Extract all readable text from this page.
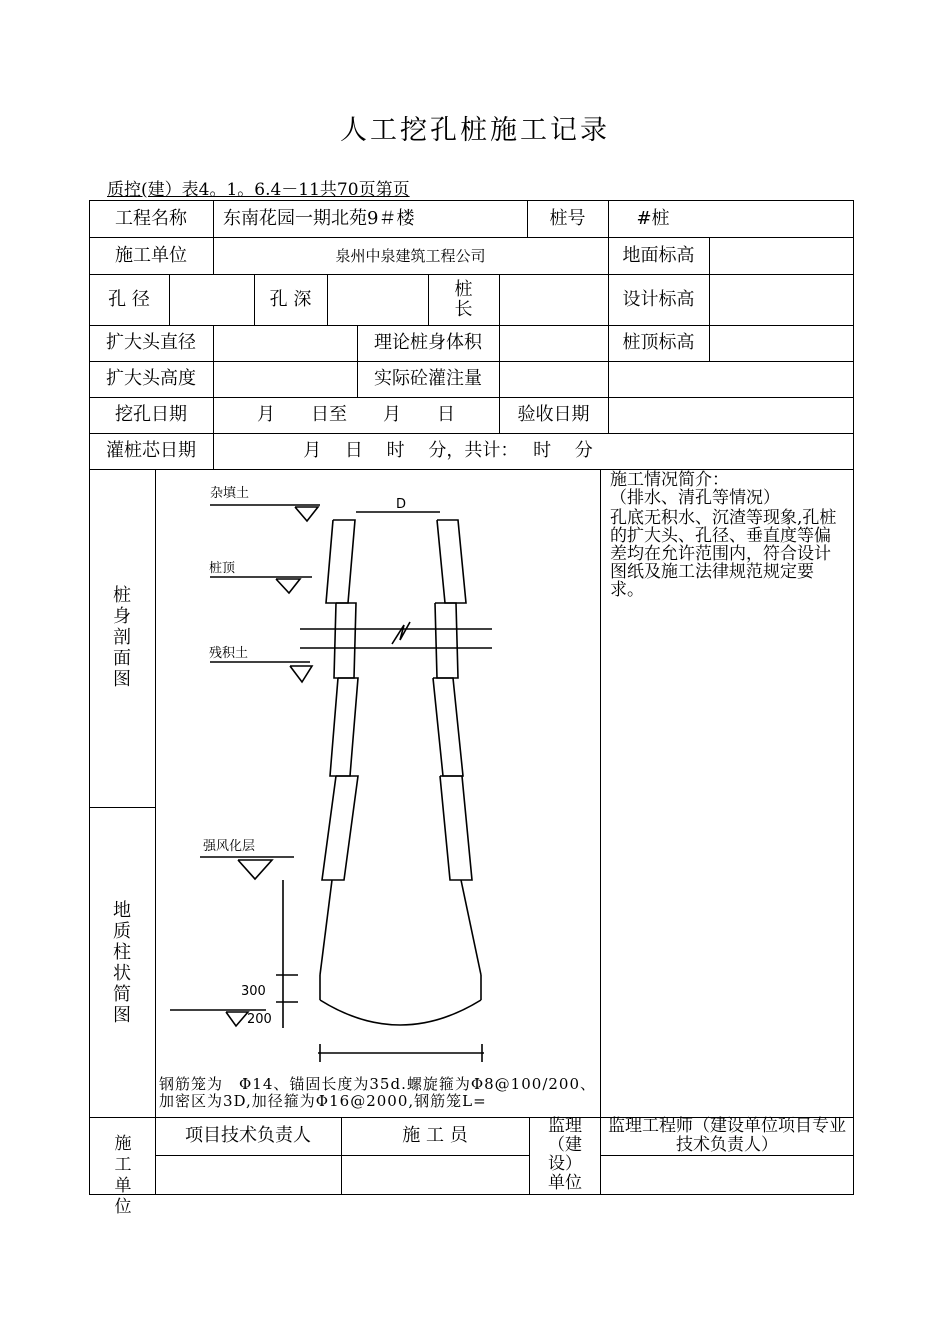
人工挖孔桩施工记录
质控(建）表4。1。6.4－11共70页第页
工程名称	东南花园一期北苑9＃楼	桩号	#桩
施工单位	泉州中泉建筑工程公司	地面标高
孔 径	孔 深	桩长	设计标高
扩大头直径	理论桩身体积	桩顶标高
扩大头高度	实际砼灌注量
挖孔日期	月　　日至　　月　　日	验收日期
灌桩芯日期	月　 日　 时　 分，共计：　 时　 分
桩身剖面图
地质柱状简图
施工情况简介：
（排水、清孔等情况）
孔底无积水、沉渣等现象,孔桩的扩大头、孔径、垂直度等偏差均在允许范围内，符合设计图纸及施工法律规范规定要求。
钢筋笼为　Φ14、锚固长度为35d.螺旋箍为Φ8@100/200、加密区为3D,加径箍为Φ16@2000,钢筋笼L=
施工单位
项目技术负责人	施 工 员	监理（建设）单位
监理工程师（建设单位项目专业技术负责人）
杂填土
桩顶
残积土
强风化层
D
300
200
